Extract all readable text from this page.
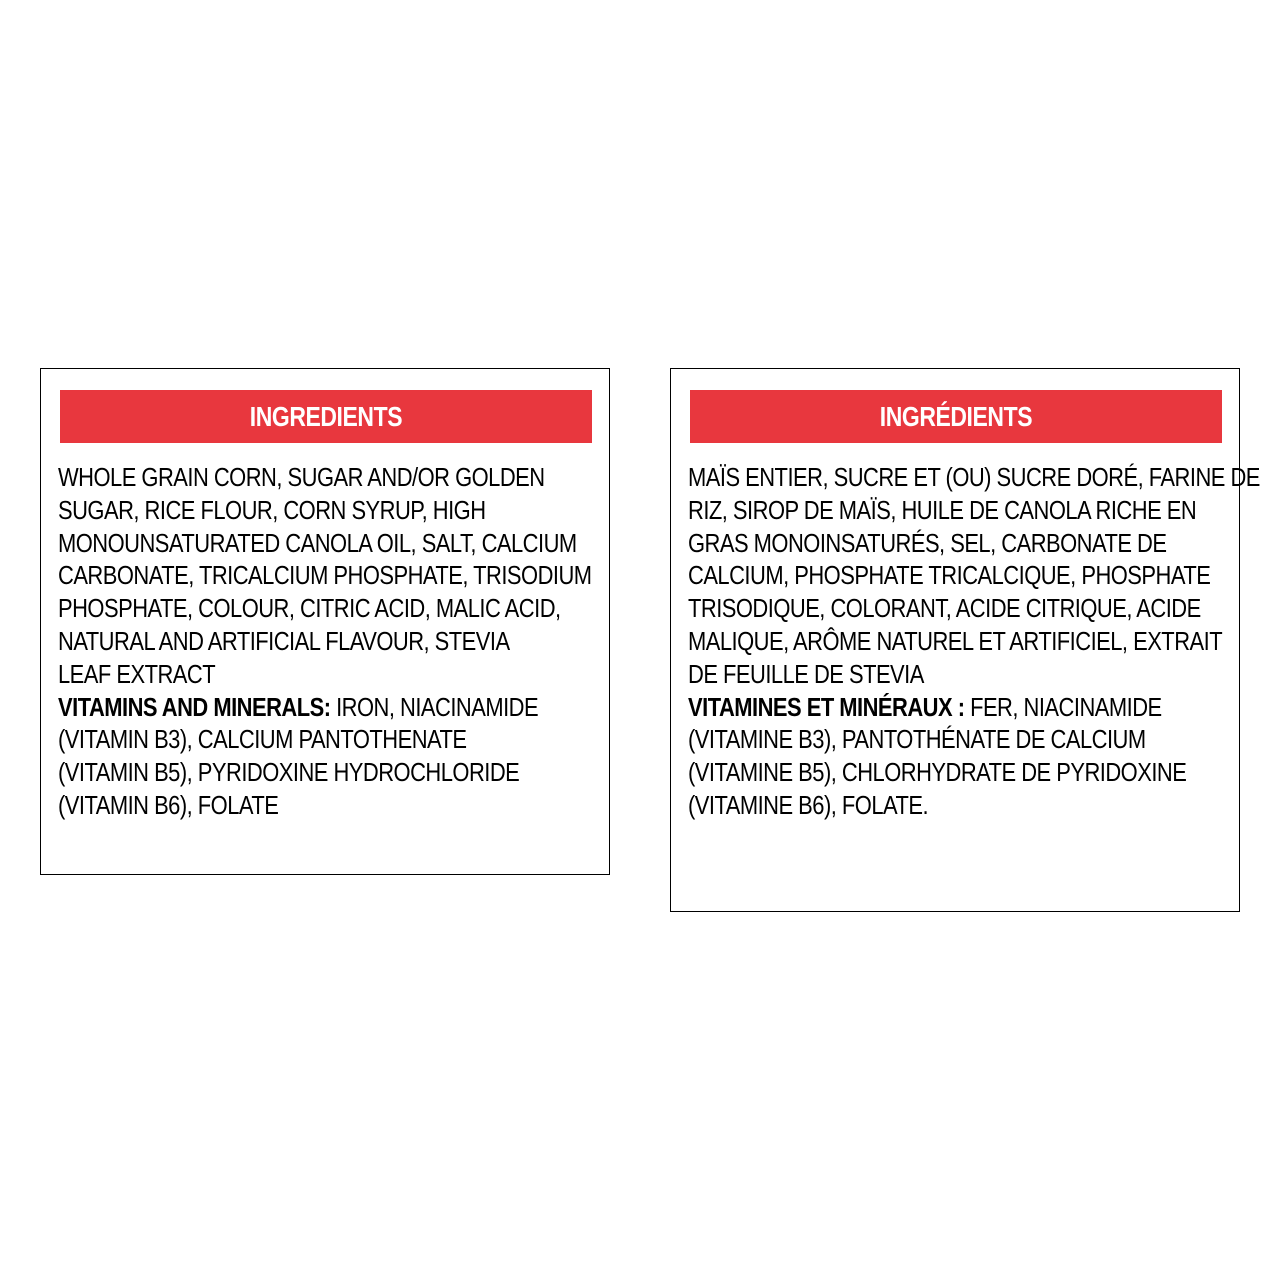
INGREDIENTS
WHOLE GRAIN CORN, SUGAR AND/OR GOLDEN
SUGAR, RICE FLOUR, CORN SYRUP, HIGH
MONOUNSATURATED CANOLA OIL, SALT, CALCIUM
CARBONATE, TRICALCIUM PHOSPHATE, TRISODIUM
PHOSPHATE, COLOUR, CITRIC ACID, MALIC ACID,
NATURAL AND ARTIFICIAL FLAVOUR, STEVIA
LEAF EXTRACT
VITAMINS AND MINERALS: IRON, NIACINAMIDE
(VITAMIN B3), CALCIUM PANTOTHENATE
(VITAMIN B5), PYRIDOXINE HYDROCHLORIDE
(VITAMIN B6), FOLATE
INGRÉDIENTS
MAÏS ENTIER, SUCRE ET (OU) SUCRE DORÉ, FARINE DE
RIZ, SIROP DE MAÏS, HUILE DE CANOLA RICHE EN
GRAS MONOINSATURÉS, SEL, CARBONATE DE
CALCIUM, PHOSPHATE TRICALCIQUE, PHOSPHATE
TRISODIQUE, COLORANT, ACIDE CITRIQUE, ACIDE
MALIQUE, ARÔME NATUREL ET ARTIFICIEL, EXTRAIT
DE FEUILLE DE STEVIA
VITAMINES ET MINÉRAUX : FER, NIACINAMIDE
(VITAMINE B3), PANTOTHÉNATE DE CALCIUM
(VITAMINE B5), CHLORHYDRATE DE PYRIDOXINE
(VITAMINE B6), FOLATE.
